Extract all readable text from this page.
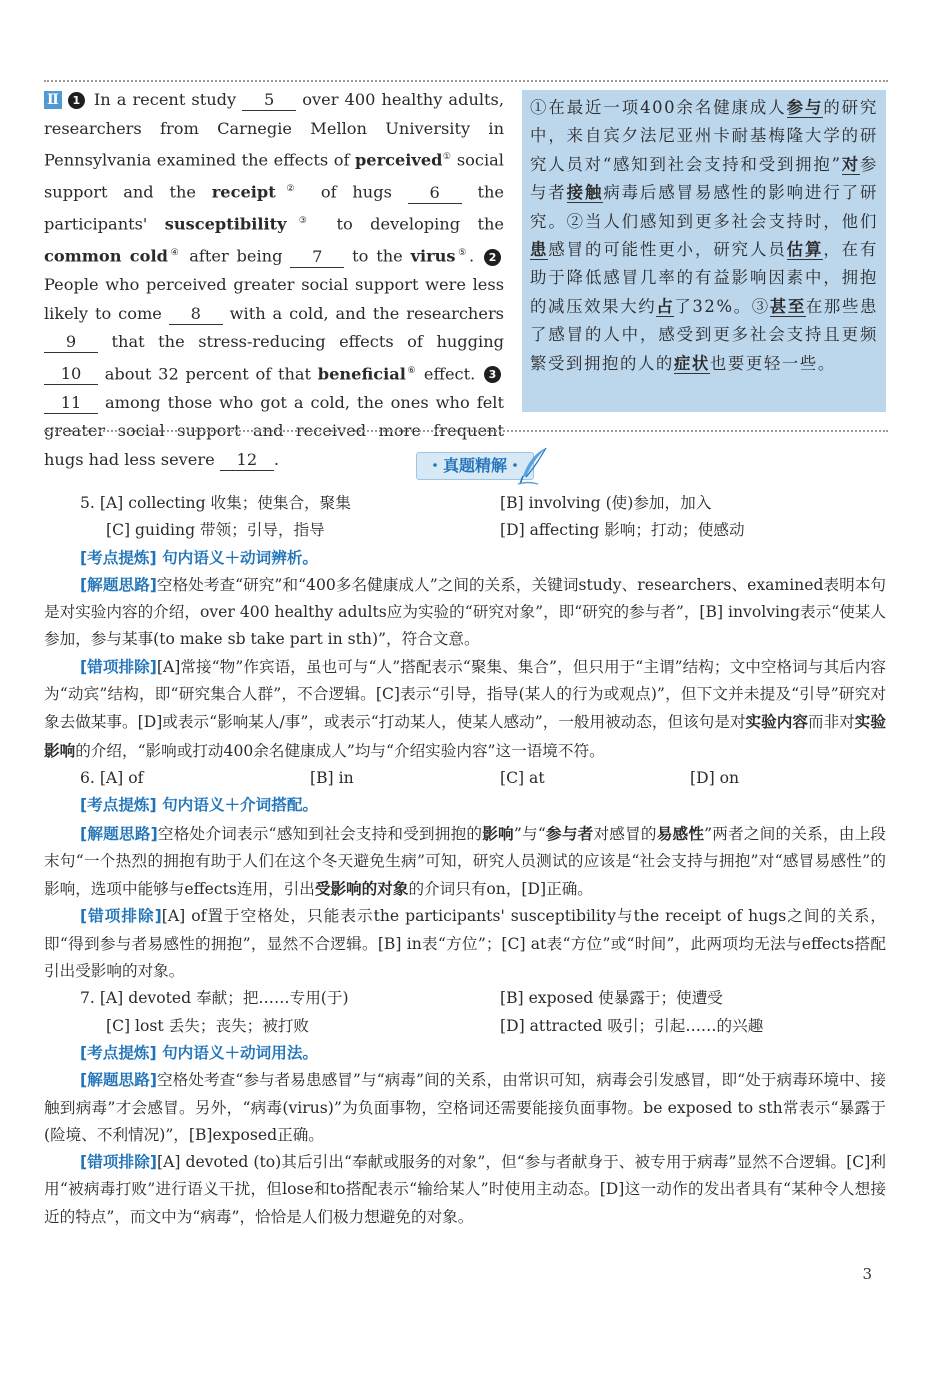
Ⅱ 1 In a recent study 5 over 400 healthy adults, researchers from Carnegie Mellon University in Pennsylvania examined the effects of perceived① social support and the receipt② of hugs 6 the participants' susceptibility③ to developing the common cold④ after being 7 to the virus⑤. 2 People who perceived greater social support were less likely to come 8 with a cold, and the researchers 9 that the stress-reducing effects of hugging 10 about 32 percent of that beneficial⑥ effect. 311 among those who got a cold, the ones who felt greater social support and received more frequent hugs had less severe 12 .

①在最近一项400余名健康成人参与的研究中，来自宾夕法尼亚州卡耐基梅隆大学的研究人员对“感知到社会支持和受到拥抱”对参与者接触病毒后感冒易感性的影响进行了研究。②当人们感知到更多社会支持时，他们患感冒的可能性更小，研究人员估算，在有助于降低感冒几率的有益影响因素中，拥抱的减压效果大约占了32%。③甚至在那些患了感冒的人中，感受到更多社会支持且更频繁受到拥抱的人的症状也要更轻一些。
・真题精解・
5. [A] collecting 收集；使集合，聚集	[B] involving (使)参加，加入
[C] guiding 带领；引导，指导	[D] affecting 影响；打动；使感动

[考点提炼] 句内语义＋动词辨析。

[解题思路]空格处考查“研究”和“400多名健康成人”之间的关系，关键词study、researchers、examined表明本句是对实验内容的介绍，over 400 healthy adults应为实验的“研究对象”，即“研究的参与者”，[B] involving表示“使某人参加，参与某事(to make sb take part in sth)”，符合文意。

[错项排除][A]常接“物”作宾语，虽也可与“人”搭配表示“聚集、集合”，但只用于“主谓”结构；文中空格词与其后内容为“动宾”结构，即“研究集合人群”，不合逻辑。[C]表示“引导，指导(某人的行为或观点)”，但下文并未提及“引导”研究对象去做某事。[D]或表示“影响某人/事”，或表示“打动某人，使某人感动”，一般用被动态，但该句是对实验内容而非对实验影响的介绍，“影响或打动400余名健康成人”均与“介绍实验内容”这一语境不符。

6. [A] of	[B] in	[C] at	[D] on

[考点提炼] 句内语义＋介词搭配。

[解题思路]空格处介词表示“感知到社会支持和受到拥抱的影响”与“参与者对感冒的易感性”两者之间的关系，由上段末句“一个热烈的拥抱有助于人们在这个冬天避免生病”可知，研究人员测试的应该是“社会支持与拥抱”对“感冒易感性”的影响，选项中能够与effects连用，引出受影响的对象的介词只有on，[D]正确。

[错项排除][A] of置于空格处，只能表示the participants' susceptibility与the receipt of hugs之间的关系，即“得到参与者易感性的拥抱”，显然不合逻辑。[B] in表“方位”；[C] at表“方位”或“时间”，此两项均无法与effects搭配引出受影响的对象。

7. [A] devoted 奉献；把……专用(于)	[B] exposed 使暴露于；使遭受
[C] lost 丢失；丧失；被打败	[D] attracted 吸引；引起……的兴趣

[考点提炼] 句内语义＋动词用法。

[解题思路]空格处考查“参与者易患感冒”与“病毒”间的关系，由常识可知，病毒会引发感冒，即“处于病毒环境中、接触到病毒”才会感冒。另外，“病毒(virus)”为负面事物，空格词还需要能接负面事物。be exposed to sth常表示“暴露于(险境、不利情况)”，[B]exposed正确。

[错项排除][A] devoted (to)其后引出“奉献或服务的对象”，但“参与者献身于、被专用于病毒”显然不合逻辑。[C]利用“被病毒打败”进行语义干扰，但lose和to搭配表示“输给某人”时使用主动态。[D]这一动作的发出者具有“某种令人想接近的特点”，而文中为“病毒”，恰恰是人们极力想避免的对象。

3
